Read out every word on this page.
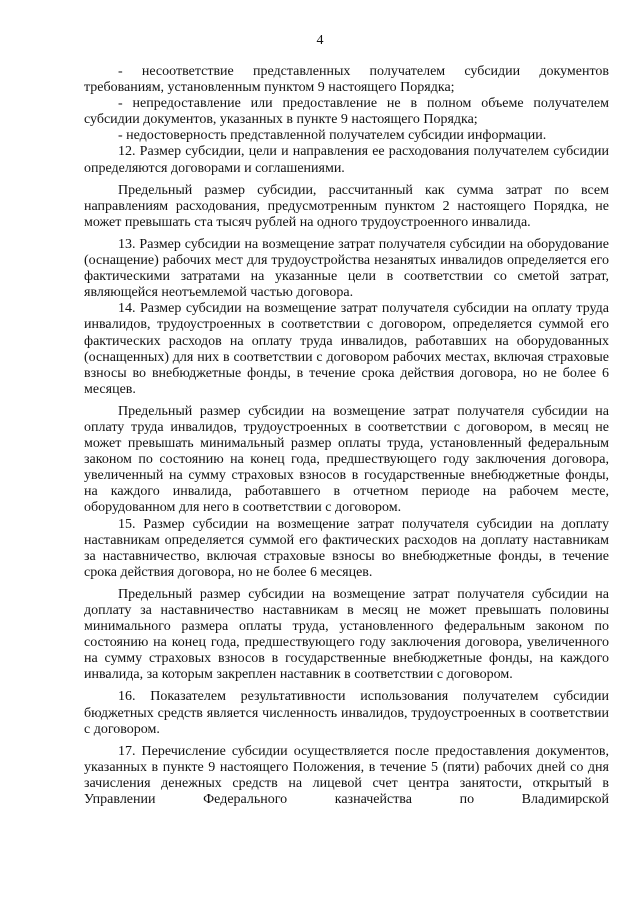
4

- несоответствие представленных получателем субсидии документов требованиям, установленным пунктом 9 настоящего Порядка;

- непредоставление или предоставление не в полном объеме получателем субсидии документов, указанных в пункте 9 настоящего Порядка;

- недостоверность представленной получателем субсидии информации.

12. Размер субсидии, цели и направления ее расходования получателем субсидии определяются договорами и соглашениями.

Предельный размер субсидии, рассчитанный как сумма затрат по всем направлениям расходования, предусмотренным пунктом 2 настоящего Порядка, не может превышать ста тысяч рублей на одного трудоустроенного инвалида.

13. Размер субсидии на возмещение затрат получателя субсидии на оборудование (оснащение) рабочих мест для трудоустройства незанятых инвалидов определяется его фактическими затратами на указанные цели в соответствии со сметой затрат, являющейся неотъемлемой частью договора.

14. Размер субсидии на возмещение затрат получателя субсидии на оплату труда инвалидов, трудоустроенных в соответствии с договором, определяется суммой его фактических расходов на оплату труда инвалидов, работавших на оборудованных (оснащенных) для них в соответствии с договором рабочих местах, включая страховые взносы во внебюджетные фонды, в течение срока действия договора, но не более 6 месяцев.

Предельный размер субсидии на возмещение затрат получателя субсидии на оплату труда инвалидов, трудоустроенных в соответствии с договором, в месяц не может превышать минимальный размер оплаты труда, установленный федеральным законом по состоянию на конец года, предшествующего году заключения договора, увеличенный на сумму страховых взносов в государственные внебюджетные фонды, на каждого инвалида, работавшего в отчетном периоде на рабочем месте, оборудованном для него в соответствии с договором.

15. Размер субсидии на возмещение затрат получателя субсидии на доплату наставникам определяется суммой его фактических расходов на доплату наставникам за наставничество, включая страховые взносы во внебюджетные фонды, в течение срока действия договора, но не более 6 месяцев.

Предельный размер субсидии на возмещение затрат получателя субсидии на доплату за наставничество наставникам в месяц не может превышать половины минимального размера оплаты труда, установленного федеральным законом по состоянию на конец года, предшествующего году заключения договора, увеличенного на сумму страховых взносов в государственные внебюджетные фонды, на каждого инвалида, за которым закреплен наставник в соответствии с договором.

16. Показателем результативности использования получателем субсидии бюджетных средств является численность инвалидов, трудоустроенных в соответствии с договором.

17. Перечисление субсидии осуществляется после предоставления документов, указанных в пункте 9 настоящего Положения, в течение 5 (пяти) рабочих дней со дня зачисления денежных средств на лицевой счет центра занятости, открытый в Управлении Федерального казначейства по Владимирской
